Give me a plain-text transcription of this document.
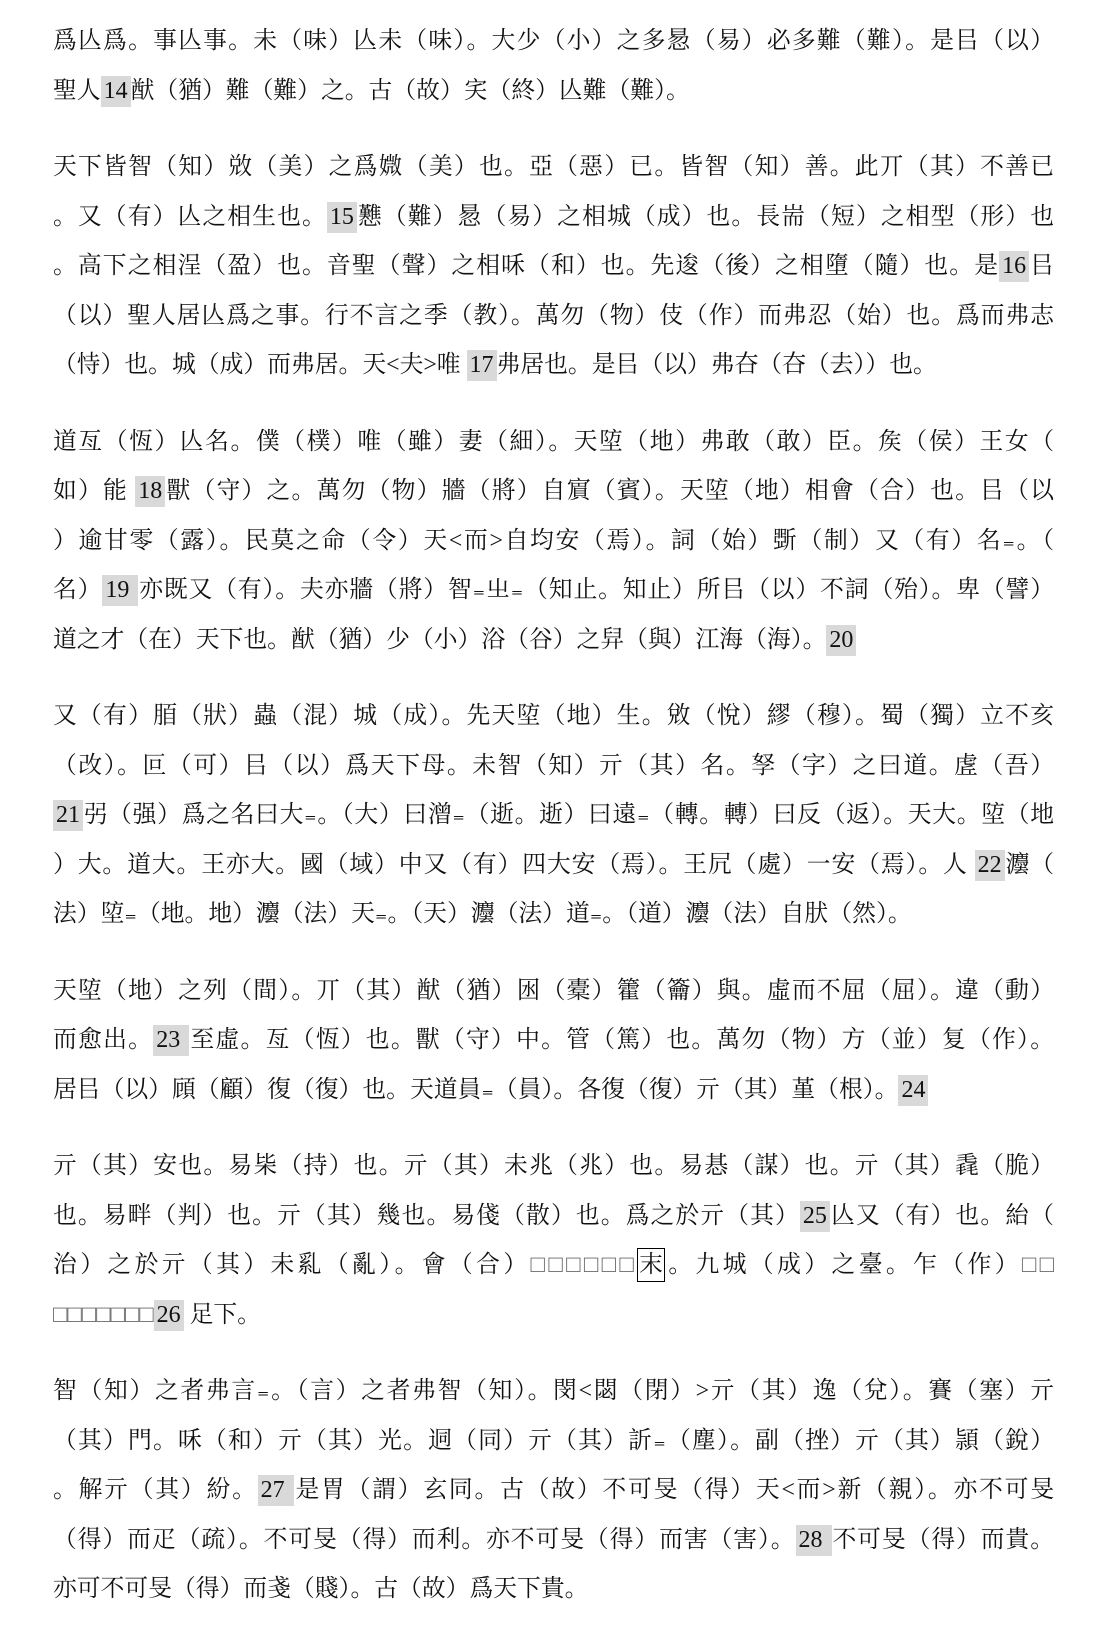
爲亾爲。事亾事。未（味）亾未（味）。大少（小）之多惖（易）必多難（難）。是㠯（以）
聖人 14 猷（猶）難（難）之。古（故）宎（終）亾難（難）。
天下皆智（知）敚（美）之爲媺（美）也。亞（惡）已。皆智（知）善。此丌（其）不善已
。又（有）亾之相生也。 15 戁（難）惖（易）之相城（成）也。長耑（短）之相型（形）也
。高下之相浧（盈）也。音聖（聲）之相咊（和）也。先逡（後）之相墮（隨）也。是 16 㠯
（以）聖人居亾爲之事。行不言之季（教）。萬勿（物）伎（作）而弗忍（始）也。爲而弗志
（恃）也。城（成）而弗居。天<夫>唯 17 弗居也。是㠯（以）弗夻（夻（去））也。
道亙（恆）亾名。僕（樸）唯（雖）妻（細）。天埅（地）弗敢（敢）臣。矦（侯）王女（
如）能 18 獸（守）之。萬勿（物）牆（將）自賔（賓）。天埅（地）相會（合）也。㠯（以
）逾甘零（露）。民莫之命（令）天<而>自均安（焉）。詞（始）斲（制）又（有）名₌。（
名） 19 亦既又（有）。夫亦牆（將）智₌㞢₌（知止。知止）所㠯（以）不詞（殆）。卑（譬）
道之才（在）天下也。猷（猶）少（小）浴（谷）之舁（與）江海（海）。 20
又（有）脜（狀）蟲（混）城（成）。先天埅（地）生。敓（悅）繆（穆）。蜀（獨）立不亥
（改）。叵（可）㠯（以）爲天下母。未智（知）亓（其）名。孥（字）之曰道。虗（吾）
21 弜（强）爲之名曰大₌。（大）曰潧₌（逝。逝）曰遠₌（轉。轉）曰反（返）。天大。埅（地
）大。道大。王亦大。國（域）中又（有）四大安（焉）。王凥（處）一安（焉）。人 22 灋（
法）埅₌（地。地）灋（法）天₌。（天）灋（法）道₌。（道）灋（法）自肰（然）。
天埅（地）之列（間）。丌（其）猷（猶）囦（橐）籗（籥）與。虛而不屈（屈）。違（動）
而愈出。 23 至虛。亙（恆）也。獸（守）中。管（篤）也。萬勿（物）方（並）复（作）。
居㠯（以）頋（顧）復（復）也。天道員₌（員）。各復（復）亓（其）堇（根）。 24
亓（其）安也。易枈（持）也。亓（其）未兆（兆）也。易惎（謀）也。亓（其）毳（脆）
也。易畔（判）也。亓（其）幾也。易俴（散）也。爲之於亓（其） 25 亾又（有）也。紿（
治）之於亓（其）未乿（亂）。會（合）□□□□□□末。九城（成）之臺。乍（作）□□
□□□□□□□ 26 足下。
智（知）之者弗言₌。（言）之者弗智（知）。閔<閟（閉）>亓（其）逸（兌）。賽（塞）亓
（其）門。咊（和）亓（其）光。迵（同）亓（其）訢₌（塵）。副（挫）亓（其）頴（銳）
。解亓（其）紛。 27 是胃（謂）玄同。古（故）不可旻（得）天<而>新（親）。亦不可旻
（得）而疋（疏）。不可旻（得）而利。亦不可旻（得）而害（害）。 28 不可旻（得）而貴。
亦可不可旻（得）而戔（賤）。古（故）爲天下貴。
